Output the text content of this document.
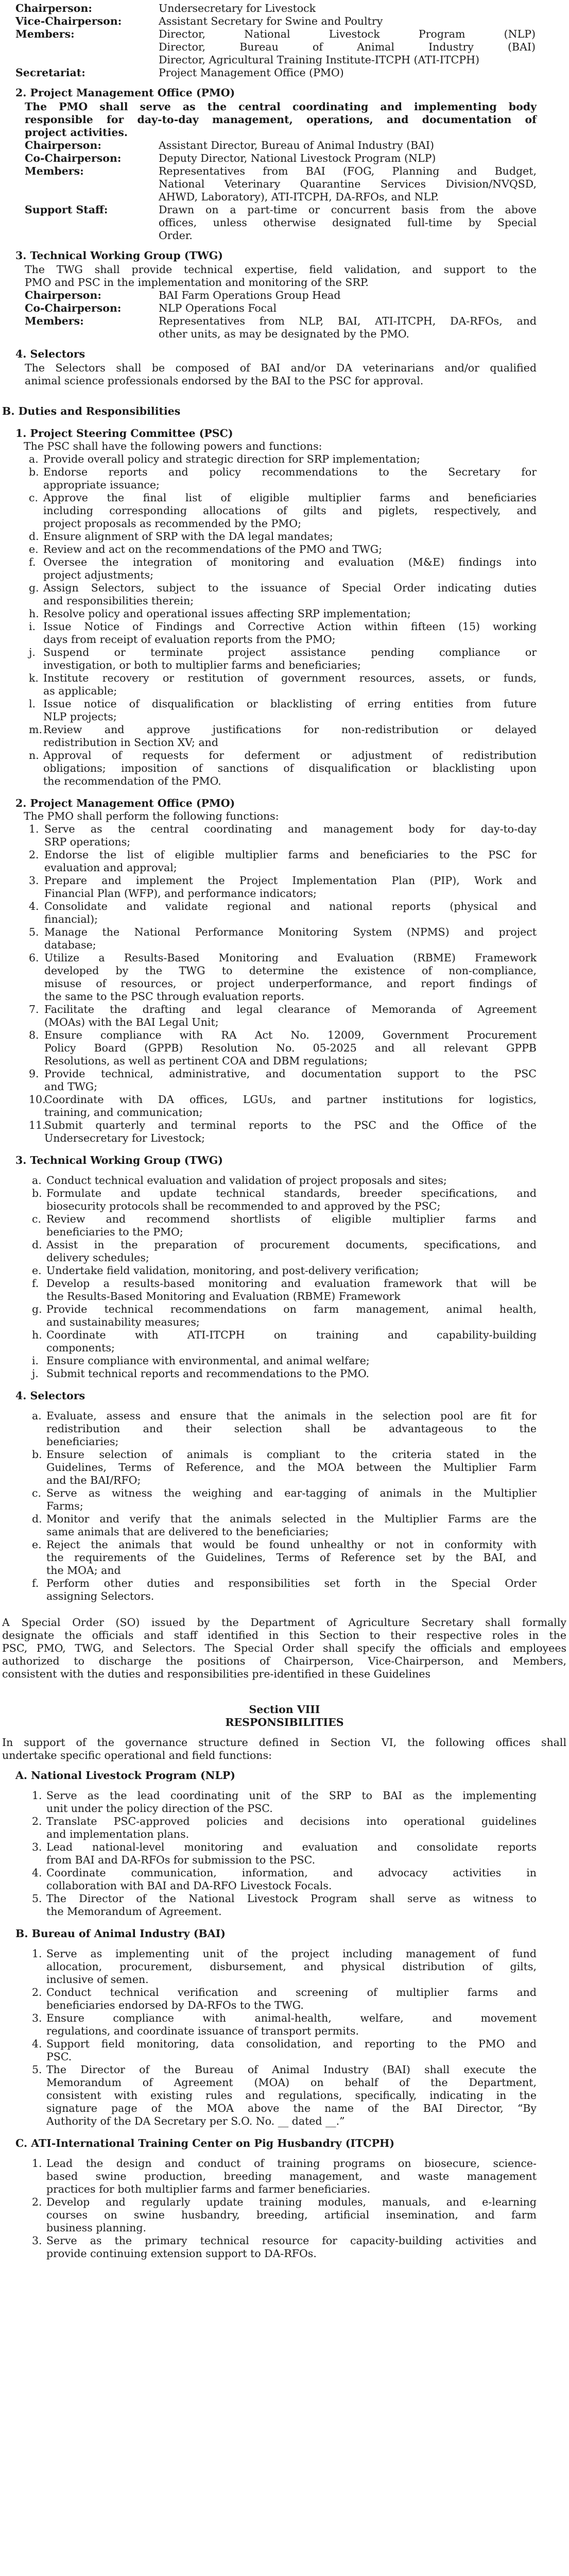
Chairperson:	Undersecretary for Livestock
Vice-Chairperson:	Assistant Secretary for Swine and Poultry
Members:	Director, National Livestock Program (NLP)
Director, Bureau of Animal Industry (BAI)
Director, Agricultural Training Institute-ITCPH (ATI-ITCPH)
Secretariat:	Project Management Office (PMO)
2. Project Management Office (PMO)
The PMO shall serve as the central coordinating and implementing body
responsible for day-to-day management, operations, and documentation of
project activities.
Chairperson:	Assistant Director, Bureau of Animal Industry (BAI)
Co-Chairperson:	Deputy Director, National Livestock Program (NLP)
Members:	Representatives from BAI (FOG, Planning and Budget,
National Veterinary Quarantine Services Division/NVQSD,
AHWD, Laboratory), ATI-ITCPH, DA-RFOs, and NLP.
Support Staff:	Drawn on a part-time or concurrent basis from the above
offices, unless otherwise designated full-time by Special
Order.
3. Technical Working Group (TWG)
The TWG shall provide technical expertise, field validation, and support to the
PMO and PSC in the implementation and monitoring of the SRP.
Chairperson:	BAI Farm Operations Group Head
Co-Chairperson:	NLP Operations Focal
Members:	Representatives from NLP, BAI, ATI-ITCPH, DA-RFOs, and
other units, as may be designated by the PMO.
4. Selectors
The Selectors shall be composed of BAI and/or DA veterinarians and/or qualified
animal science professionals endorsed by the BAI to the PSC for approval.
B. Duties and Responsibilities
1. Project Steering Committee (PSC)
The PSC shall have the following powers and functions:
a. Provide overall policy and strategic direction for SRP implementation;
b. Endorse reports and policy recommendations to the Secretary for
appropriate issuance;
c. Approve the final list of eligible multiplier farms and beneficiaries
including corresponding allocations of gilts and piglets, respectively, and
project proposals as recommended by the PMO;
d. Ensure alignment of SRP with the DA legal mandates;
e. Review and act on the recommendations of the PMO and TWG;
f. Oversee the integration of monitoring and evaluation (M&E) findings into
project adjustments;
g. Assign Selectors, subject to the issuance of Special Order indicating duties
and responsibilities therein;
h. Resolve policy and operational issues affecting SRP implementation;
i. Issue Notice of Findings and Corrective Action within fifteen (15) working
days from receipt of evaluation reports from the PMO;
j. Suspend or terminate project assistance pending compliance or
investigation, or both to multiplier farms and beneficiaries;
k. Institute recovery or restitution of government resources, assets, or funds,
as applicable;
l. Issue notice of disqualification or blacklisting of erring entities from future
NLP projects;
m. Review and approve justifications for non-redistribution or delayed
redistribution in Section XV; and
n. Approval of requests for deferment or adjustment of redistribution
obligations; imposition of sanctions of disqualification or blacklisting upon
the recommendation of the PMO.
2. Project Management Office (PMO)
The PMO shall perform the following functions:
1. Serve as the central coordinating and management body for day-to-day
SRP operations;
2. Endorse the list of eligible multiplier farms and beneficiaries to the PSC for
evaluation and approval;
3. Prepare and implement the Project Implementation Plan (PIP), Work and
Financial Plan (WFP), and performance indicators;
4. Consolidate and validate regional and national reports (physical and
financial);
5. Manage the National Performance Monitoring System (NPMS) and project
database;
6. Utilize a Results-Based Monitoring and Evaluation (RBME) Framework
developed by the TWG to determine the existence of non-compliance,
misuse of resources, or project underperformance, and report findings of
the same to the PSC through evaluation reports.
7. Facilitate the drafting and legal clearance of Memoranda of Agreement
(MOAs) with the BAI Legal Unit;
8. Ensure compliance with RA Act No. 12009, Government Procurement
Policy Board (GPPB) Resolution No. 05-2025 and all relevant GPPB
Resolutions, as well as pertinent COA and DBM regulations;
9. Provide technical, administrative, and documentation support to the PSC
and TWG;
10.
Coordinate with DA offices, LGUs, and partner institutions for logistics,
training, and communication;
11.
Submit quarterly and terminal reports to the PSC and the Office of the
Undersecretary for Livestock;
3. Technical Working Group (TWG)
a. Conduct technical evaluation and validation of project proposals and sites;
b. Formulate and update technical standards, breeder specifications, and
biosecurity protocols shall be recommended to and approved by the PSC;
c. Review and recommend shortlists of eligible multiplier farms and
beneficiaries to the PMO;
d. Assist in the preparation of procurement documents, specifications, and
delivery schedules;
e. Undertake field validation, monitoring, and post-delivery verification;
f. Develop a results-based monitoring and evaluation framework that will be
the Results-Based Monitoring and Evaluation (RBME) Framework
g. Provide technical recommendations on farm management, animal health,
and sustainability measures;
h. Coordinate with ATI-ITCPH on training and capability-building
components;
i. Ensure compliance with environmental, and animal welfare;
j. Submit technical reports and recommendations to the PMO.
4. Selectors
a. Evaluate, assess and ensure that the animals in the selection pool are fit for
redistribution and their selection shall be advantageous to the
beneficiaries;
b. Ensure selection of animals is compliant to the criteria stated in the
Guidelines, Terms of Reference, and the MOA between the Multiplier Farm
and the BAI/RFO;
c. Serve as witness the weighing and ear-tagging of animals in the Multiplier
Farms;
d. Monitor and verify that the animals selected in the Multiplier Farms are the
same animals that are delivered to the beneficiaries;
e. Reject the animals that would be found unhealthy or not in conformity with
the requirements of the Guidelines, Terms of Reference set by the BAI, and
the MOA; and
f. Perform other duties and responsibilities set forth in the Special Order
assigning Selectors.
A Special Order (SO) issued by the Department of Agriculture Secretary shall formally
designate the officials and staff identified in this Section to their respective roles in the
PSC, PMO, TWG, and Selectors. The Special Order shall specify the officials and employees
authorized to discharge the positions of Chairperson, Vice-Chairperson, and Members,
consistent with the duties and responsibilities pre-identified in these Guidelines
Section VIII
RESPONSIBILITIES
In support of the governance structure defined in Section VI, the following offices shall
undertake specific operational and field functions:
A. National Livestock Program (NLP)
1. Serve as the lead coordinating unit of the SRP to BAI as the implementing
unit under the policy direction of the PSC.
2. Translate PSC-approved policies and decisions into operational guidelines
and implementation plans.
3. Lead national-level monitoring and evaluation and consolidate reports
from BAI and DA-RFOs for submission to the PSC.
4. Coordinate communication, information, and advocacy activities in
collaboration with BAI and DA-RFO Livestock Focals.
5. The Director of the National Livestock Program shall serve as witness to
the Memorandum of Agreement.
B. Bureau of Animal Industry (BAI)
1. Serve as implementing unit of the project including management of fund
allocation, procurement, disbursement, and physical distribution of gilts,
inclusive of semen.
2. Conduct technical verification and screening of multiplier farms and
beneficiaries endorsed by DA-RFOs to the TWG.
3. Ensure compliance with animal-health, welfare, and movement
regulations, and coordinate issuance of transport permits.
4. Support field monitoring, data consolidation, and reporting to the PMO and
PSC.
5. The Director of the Bureau of Animal Industry (BAI) shall execute the
Memorandum of Agreement (MOA) on behalf of the Department,
consistent with existing rules and regulations, specifically, indicating in the
signature page of the MOA above the name of the BAI Director, “By
Authority of the DA Secretary per S.O. No. __ dated __.”
C. ATI-International Training Center on Pig Husbandry (ITCPH)
1. Lead the design and conduct of training programs on biosecure, science-
based swine production, breeding management, and waste management
practices for both multiplier farms and farmer beneficiaries.
2. Develop and regularly update training modules, manuals, and e-learning
courses on swine husbandry, breeding, artificial insemination, and farm
business planning.
3. Serve as the primary technical resource for capacity-building activities and
provide continuing extension support to DA-RFOs.
